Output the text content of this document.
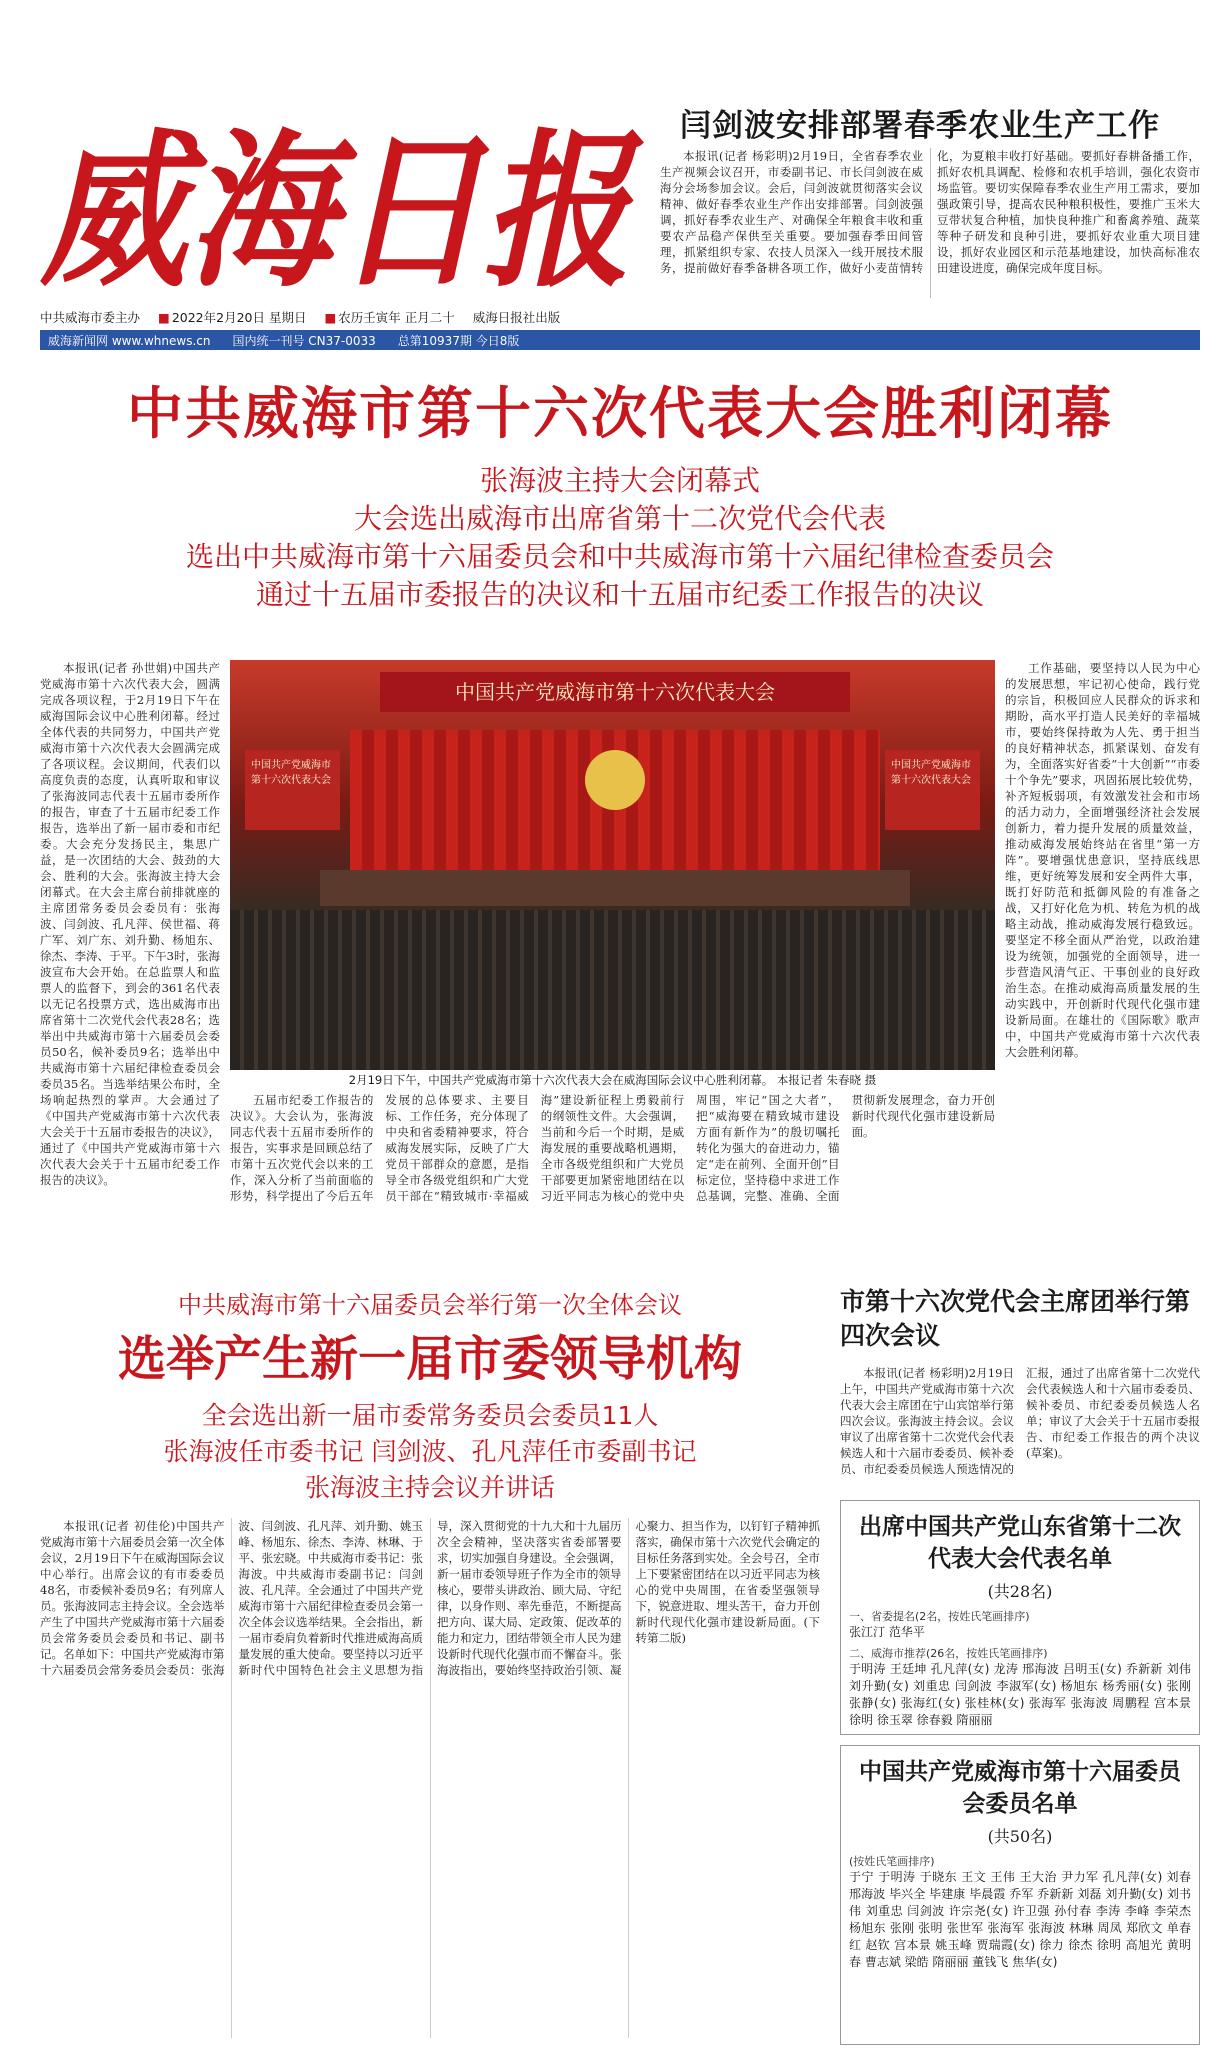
威海日报 闫剑波安排部署春季农业生产工作

本报讯(记者 杨彩明)2月19日，全省春季农业生产视频会议召开，市委副书记、市长闫剑波在威海分会场参加会议。会后，闫剑波就贯彻落实会议精神、做好春季农业生产作出安排部署。闫剑波强调，抓好春季农业生产、对确保全年粮食丰收和重要农产品稳产保供至关重要。要加强春季田间管理，抓紧组织专家、农技人员深入一线开展技术服务，提前做好春季备耕各项工作，做好小麦苗情转化，为夏粮丰收打好基础。要抓好春耕备播工作，抓好农机具调配、检修和农机手培训，强化农资市场监管。要切实保障春季农业生产用工需求，要加强政策引导，提高农民种粮积极性，要推广玉米大豆带状复合种植，加快良种推广和畜禽养殖、蔬菜等种子研发和良种引进，要抓好农业重大项目建设，抓好农业园区和示范基地建设，加快高标准农田建设进度，确保完成年度目标。

中共威海市委主办	■ 2022年2月20日 星期日	■ 农历壬寅年 正月二十 威海日报社出版
威海新闻网 www.whnews.cn 国内统一刊号 CN37-0033 总第10937期 今日8版
中共威海市第十六次代表大会胜利闭幕
张海波主持大会闭幕式
大会选出威海市出席省第十二次党代会代表
选出中共威海市第十六届委员会和中共威海市第十六届纪律检查委员会
通过十五届市委报告的决议和十五届市纪委工作报告的决议

本报讯(记者 孙世娟)中国共产党威海市第十六次代表大会，圆满完成各项议程，于2月19日下午在威海国际会议中心胜利闭幕。经过全体代表的共同努力，中国共产党威海市第十六次代表大会圆满完成了各项议程。会议期间，代表们以高度负责的态度，认真听取和审议了张海波同志代表十五届市委所作的报告，审查了十五届市纪委工作报告，选举出了新一届市委和市纪委。大会充分发扬民主，集思广益，是一次团结的大会、鼓劲的大会、胜利的大会。张海波主持大会闭幕式。在大会主席台前排就座的主席团常务委员会委员有：张海波、闫剑波、孔凡萍、侯世福、蒋广军、刘广东、刘升勤、杨旭东、徐杰、李涛、于平。下午3时，张海波宣布大会开始。在总监票人和监票人的监督下，到会的361名代表以无记名投票方式，选出威海市出席省第十二次党代会代表28名；选举出中共威海市第十六届委员会委员50名，候补委员9名；选举出中共威海市第十六届纪律检查委员会委员35名。当选举结果公布时，全场响起热烈的掌声。大会通过了《中国共产党威海市第十六次代表大会关于十五届市委报告的决议》，通过了《中国共产党威海市第十六次代表大会关于十五届市纪委工作报告的决议》。

中国共产党威海市第十六次代表大会
中国共产党威海市第十六次代表大会
中国共产党威海市第十六次代表大会
2月19日下午，中国共产党威海市第十六次代表大会在威海国际会议中心胜利闭幕。 本报记者 朱春晓 摄

五届市纪委工作报告的决议》。大会认为，张海波同志代表十五届市委所作的报告，实事求是回顾总结了市第十五次党代会以来的工作，深入分析了当前面临的形势，科学提出了今后五年发展的总体要求、主要目标、工作任务，充分体现了中央和省委精神要求，符合威海发展实际，反映了广大党员干部群众的意愿，是指导全市各级党组织和广大党员干部在“精致城市·幸福威海”建设新征程上勇毅前行的纲领性文件。大会强调，当前和今后一个时期，是威海发展的重要战略机遇期，全市各级党组织和广大党员干部要更加紧密地团结在以习近平同志为核心的党中央周围，牢记“国之大者”，把“威海要在精致城市建设方面有新作为”的殷切嘱托转化为强大的奋进动力，锚定“走在前列、全面开创”目标定位，坚持稳中求进工作总基调，完整、准确、全面贯彻新发展理念，奋力开创新时代现代化强市建设新局面。

工作基础，要坚持以人民为中心的发展思想，牢记初心使命，践行党的宗旨，积极回应人民群众的诉求和期盼，高水平打造人民美好的幸福城市，要始终保持敢为人先、勇于担当的良好精神状态，抓紧谋划、奋发有为，全面落实好省委“十大创新”“市委十个争先”要求，巩固拓展比较优势，补齐短板弱项，有效激发社会和市场的活力动力，全面增强经济社会发展创新力，着力提升发展的质量效益，推动威海发展始终站在省里“第一方阵”。要增强忧患意识，坚持底线思维，更好统筹发展和安全两件大事，既打好防范和抵御风险的有准备之战，又打好化危为机、转危为机的战略主动战，推动威海发展行稳致远。要坚定不移全面从严治党，以政治建设为统领，加强党的全面领导，进一步营造风清气正、干事创业的良好政治生态。在推动威海高质量发展的生动实践中，开创新时代现代化强市建设新局面。在雄壮的《国际歌》歌声中，中国共产党威海市第十六次代表大会胜利闭幕。

中共威海市第十六届委员会举行第一次全体会议
选举产生新一届市委领导机构
全会选出新一届市委常务委员会委员11人
张海波任市委书记 闫剑波、孔凡萍任市委副书记
张海波主持会议并讲话

本报讯(记者 初佳伦)中国共产党威海市第十六届委员会第一次全体会议，2月19日下午在威海国际会议中心举行。出席会议的有市委委员48名，市委候补委员9名；有列席人员。张海波同志主持会议。全会选举产生了中国共产党威海市第十六届委员会常务委员会委员和书记、副书记。名单如下：中国共产党威海市第十六届委员会常务委员会委员：张海波、闫剑波、孔凡萍、刘升勤、姚玉峰、杨旭东、徐杰、李涛、林琳、于平、张宏晓。中共威海市委书记：张海波。中共威海市委副书记：闫剑波、孔凡萍。全会通过了中国共产党威海市第十六届纪律检查委员会第一次全体会议选举结果。全会指出，新一届市委肩负着新时代推进威海高质量发展的重大使命。要坚持以习近平新时代中国特色社会主义思想为指导，深入贯彻党的十九大和十九届历次全会精神，坚决落实省委部署要求，切实加强自身建设。全会强调，新一届市委领导班子作为全市的领导核心，要带头讲政治、顾大局、守纪律，以身作则、率先垂范，不断提高把方向、谋大局、定政策、促改革的能力和定力，团结带领全市人民为建设新时代现代化强市而不懈奋斗。张海波指出，要始终坚持政治引领、凝心聚力、担当作为，以钉钉子精神抓落实，确保市第十六次党代会确定的目标任务落到实处。全会号召，全市上下要紧密团结在以习近平同志为核心的党中央周围，在省委坚强领导下，锐意进取、埋头苦干，奋力开创新时代现代化强市建设新局面。(下转第二版)

市第十六次党代会主席团举行第四次会议

本报讯(记者 杨彩明)2月19日上午，中国共产党威海市第十六次代表大会主席团在宁山宾馆举行第四次会议。张海波主持会议。会议审议了出席省第十二次党代会代表候选人和十六届市委委员、候补委员、市纪委委员候选人预选情况的汇报，通过了出席省第十二次党代会代表候选人和十六届市委委员、候补委员、市纪委委员候选人名单；审议了大会关于十五届市委报告、市纪委工作报告的两个决议(草案)。

出席中国共产党山东省第十二次代表大会代表名单
(共28名)
一、省委提名(2名，按姓氏笔画排序)
张江汀 范华平
二、威海市推荐(26名，按姓氏笔画排序)
于明涛 王廷坤 孔凡萍(女) 龙涛 邢海波 吕明玉(女) 乔新新 刘伟 刘升勤(女) 刘重忠 闫剑波 李淑军(女) 杨旭东 杨秀丽(女) 张刚 张静(女) 张海红(女) 张桂林(女) 张海军 张海波 周鹏程 宫本景 徐明 徐玉翠 徐春毅 隋丽丽
中国共产党威海市第十六届委员会委员名单
(共50名)
(按姓氏笔画排序)
于宁 于明涛 于晓东 王文 王伟 王大治 尹力军 孔凡萍(女) 刘春 邢海波 毕兴全 毕建康 毕晨霞 乔军 乔新新 刘磊 刘升勤(女) 刘书伟 刘重忠 闫剑波 许宗尧(女) 许卫强 孙付春 李涛 李峰 李荣杰 杨旭东 张刚 张明 张世军 张海军 张海波 林琳 周凤 郑欣文 单春红 赵钦 宫本景 姚玉峰 贾瑞霞(女) 徐力 徐杰 徐明 高旭光 黄明春 曹志斌 梁皓 隋丽丽 董钱飞 焦华(女)
